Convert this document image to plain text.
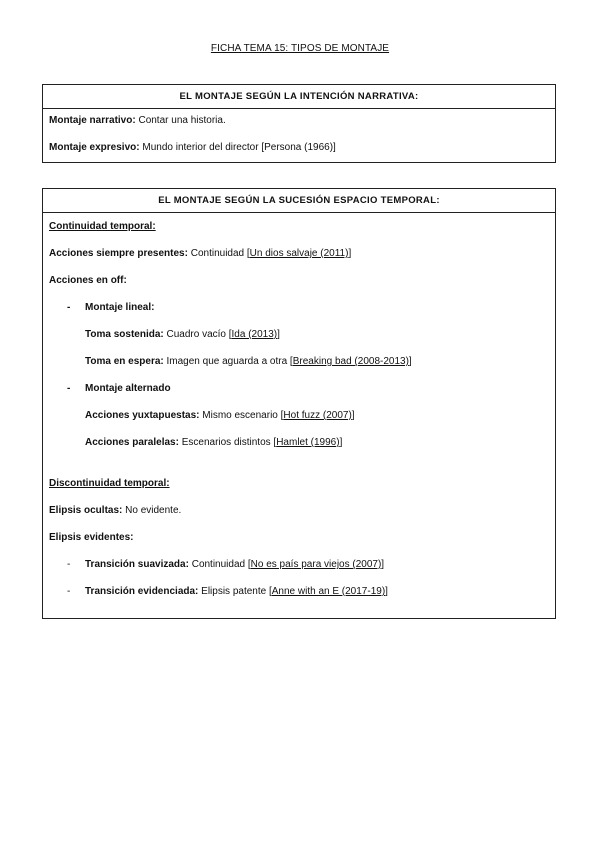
FICHA TEMA 15: TIPOS DE MONTAJE
EL MONTAJE SEGÚN LA INTENCIÓN NARRATIVA:
Montaje narrativo: Contar una historia.
Montaje expresivo: Mundo interior del director [Persona (1966)]
EL MONTAJE SEGÚN LA SUCESIÓN ESPACIO TEMPORAL:
Continuidad temporal:
Acciones siempre presentes: Continuidad [Un dios salvaje (2011)]
Acciones en off:
- Montaje lineal:
Toma sostenida: Cuadro vacío [Ida (2013)]
Toma en espera: Imagen que aguarda a otra [Breaking bad (2008-2013)]
- Montaje alternado
Acciones yuxtapuestas: Mismo escenario [Hot fuzz (2007)]
Acciones paralelas: Escenarios distintos [Hamlet (1996)]
Discontinuidad temporal:
Elipsis ocultas: No evidente.
Elipsis evidentes:
- Transición suavizada: Continuidad [No es país para viejos (2007)]
- Transición evidenciada: Elipsis patente [Anne with an E (2017-19)]
